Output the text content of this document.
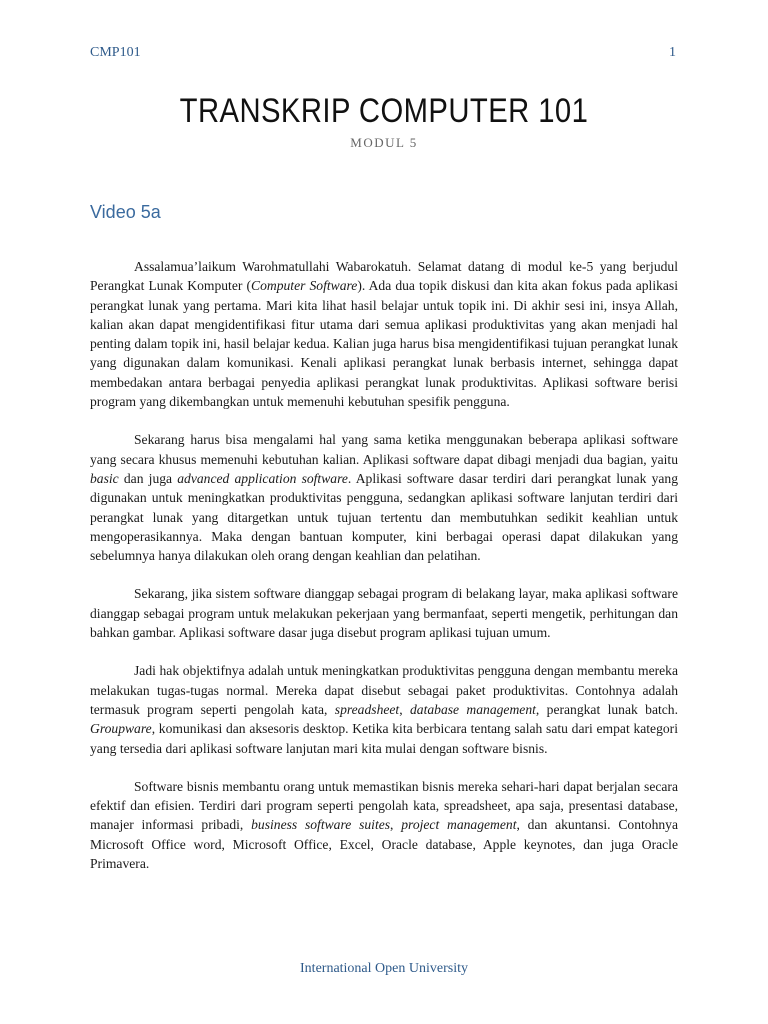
CMP101	1
TRANSKRIP COMPUTER 101
MODUL 5
Video 5a

Assalamua’laikum Warohmatullahi Wabarokatuh. Selamat datang di modul ke-5 yang berjudul Perangkat Lunak Komputer (Computer Software). Ada dua topik diskusi dan kita akan fokus pada aplikasi perangkat lunak yang pertama. Mari kita lihat hasil belajar untuk topik ini. Di akhir sesi ini, insya Allah, kalian akan dapat mengidentifikasi fitur utama dari semua aplikasi produktivitas yang akan menjadi hal penting dalam topik ini, hasil belajar kedua. Kalian juga harus bisa mengidentifikasi tujuan perangkat lunak yang digunakan dalam komunikasi. Kenali aplikasi perangkat lunak berbasis internet, sehingga dapat membedakan antara berbagai penyedia aplikasi perangkat lunak produktivitas. Aplikasi software berisi program yang dikembangkan untuk memenuhi kebutuhan spesifik pengguna.

Sekarang harus bisa mengalami hal yang sama ketika menggunakan beberapa aplikasi software yang secara khusus memenuhi kebutuhan kalian. Aplikasi software dapat dibagi menjadi dua bagian, yaitu basic dan juga advanced application software. Aplikasi software dasar terdiri dari perangkat lunak yang digunakan untuk meningkatkan produktivitas pengguna, sedangkan aplikasi software lanjutan terdiri dari perangkat lunak yang ditargetkan untuk tujuan tertentu dan membutuhkan sedikit keahlian untuk mengoperasikannya. Maka dengan bantuan komputer, kini berbagai operasi dapat dilakukan yang sebelumnya hanya dilakukan oleh orang dengan keahlian dan pelatihan.

Sekarang, jika sistem software dianggap sebagai program di belakang layar, maka aplikasi software dianggap sebagai program untuk melakukan pekerjaan yang bermanfaat, seperti mengetik, perhitungan dan bahkan gambar. Aplikasi software dasar juga disebut program aplikasi tujuan umum.

Jadi hak objektifnya adalah untuk meningkatkan produktivitas pengguna dengan membantu mereka melakukan tugas-tugas normal. Mereka dapat disebut sebagai paket produktivitas. Contohnya adalah termasuk program seperti pengolah kata, spreadsheet, database management, perangkat lunak batch. Groupware, komunikasi dan aksesoris desktop. Ketika kita berbicara tentang salah satu dari empat kategori yang tersedia dari aplikasi software lanjutan mari kita mulai dengan software bisnis.

Software bisnis membantu orang untuk memastikan bisnis mereka sehari-hari dapat berjalan secara efektif dan efisien. Terdiri dari program seperti pengolah kata, spreadsheet, apa saja, presentasi database, manajer informasi pribadi, business software suites, project management, dan akuntansi. Contohnya Microsoft Office word, Microsoft Office, Excel, Oracle database, Apple keynotes, dan juga Oracle Primavera.

International Open University
